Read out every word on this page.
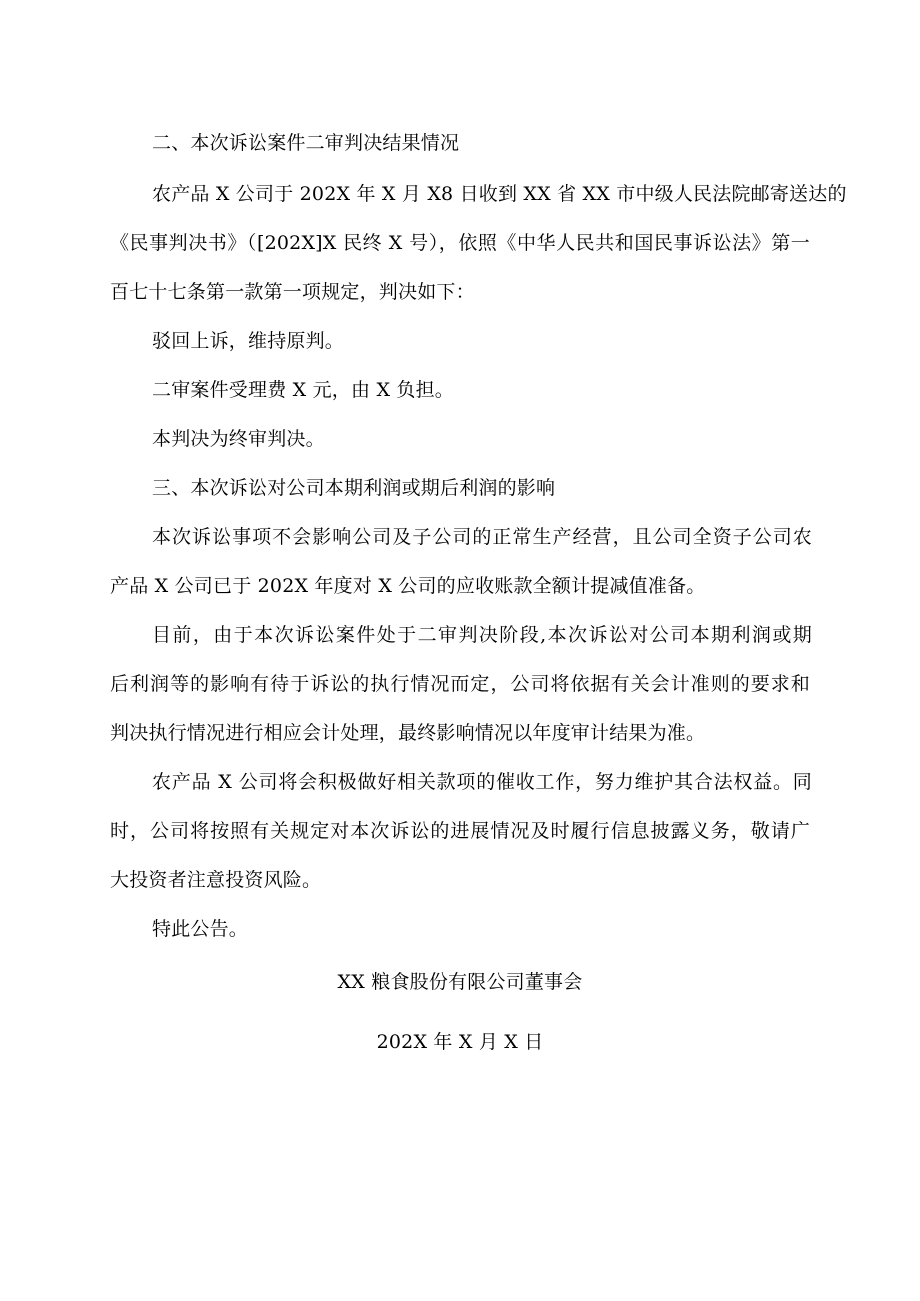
二、本次诉讼案件二审判决结果情况
农产品 X 公司于 202X 年 X 月 X8 日收到 XX 省 XX 市中级人民法院邮寄送达的
《民事判决书》（[202X]X 民终 X 号），依照《中华人民共和国民事诉讼法》第一
百七十七条第一款第一项规定，判决如下：
驳回上诉，维持原判。
二审案件受理费 X 元，由 X 负担。
本判决为终审判决。
三、本次诉讼对公司本期利润或期后利润的影响
本次诉讼事项不会影响公司及子公司的正常生产经营，且公司全资子公司农
产品 X 公司已于 202X 年度对 X 公司的应收账款全额计提减值准备。
目前，由于本次诉讼案件处于二审判决阶段,本次诉讼对公司本期利润或期
后利润等的影响有待于诉讼的执行情况而定，公司将依据有关会计准则的要求和
判决执行情况进行相应会计处理，最终影响情况以年度审计结果为准。
农产品 X 公司将会积极做好相关款项的催收工作，努力维护其合法权益。同
时，公司将按照有关规定对本次诉讼的进展情况及时履行信息披露义务，敬请广
大投资者注意投资风险。
特此公告。
XX 粮食股份有限公司董事会
202X 年 X 月 X 日
